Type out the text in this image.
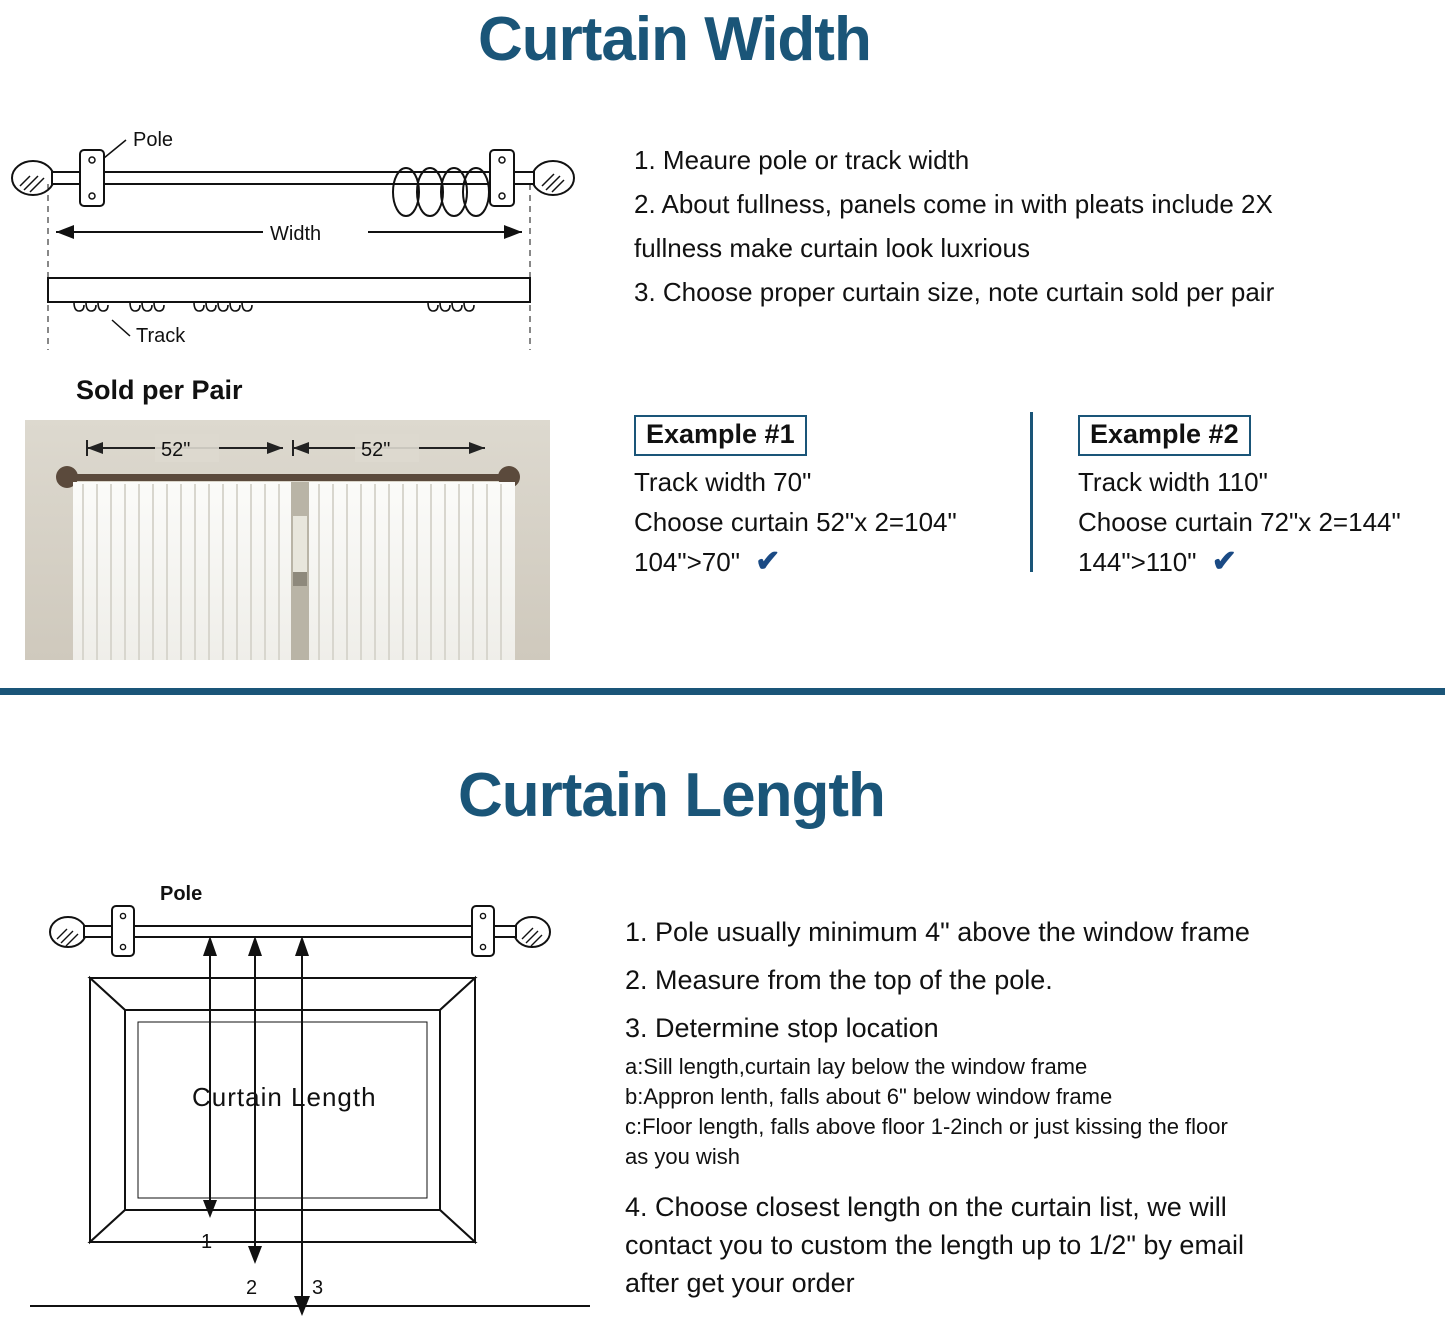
Curtain Width
Pole
Width
Track
Sold per Pair
52"	52"
1. Meaure pole or track width
2. About fullness, panels come in with pleats include 2X
fullness make curtain look luxrious
3. Choose proper curtain size, note curtain sold per pair
Example #1
Track width 70"
Choose curtain 52"x 2=104"
104">70" ✔
Example #2
Track width 110"
Choose curtain 72"x 2=144"
144">110" ✔
Curtain Length
Pole
Curtain Length
1
2	3
1. Pole usually minimum 4" above the window frame
2. Measure from the top of the pole.
3. Determine stop location
a:Sill length,curtain lay below the window frame
b:Appron lenth, falls about 6" below window frame
c:Floor length, falls above floor 1-2inch or just kissing the floor
as you wish
4. Choose closest length on the curtain list, we will
contact you to custom the length up to 1/2" by email
after get your order
